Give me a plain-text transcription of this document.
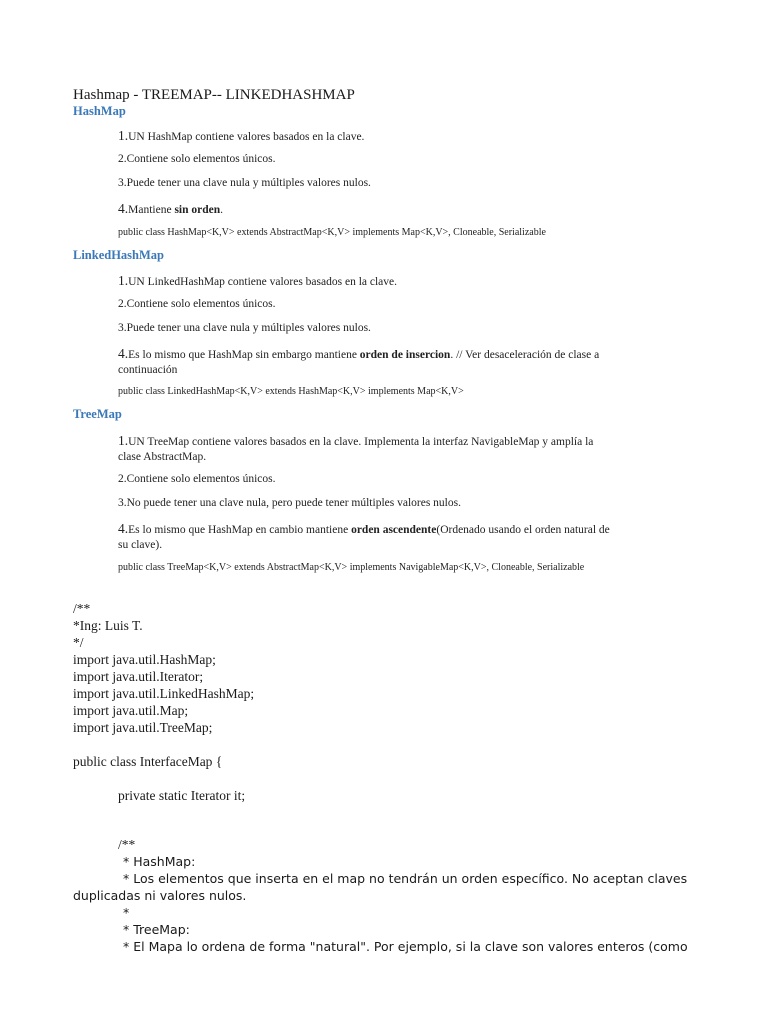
Hashmap - TREEMAP-- LINKEDHASHMAP
HashMap
1.UN HashMap contiene valores basados en la clave.
2.Contiene solo elementos únicos.
3.Puede tener una clave nula y múltiples valores nulos.
4.Mantiene sin orden.
public class HashMap<K,V> extends AbstractMap<K,V> implements Map<K,V>, Cloneable, Serializable
LinkedHashMap
1.UN LinkedHashMap contiene valores basados en la clave.
2.Contiene solo elementos únicos.
3.Puede tener una clave nula y múltiples valores nulos.
4.Es lo mismo que HashMap sin embargo mantiene orden de insercion. // Ver desaceleración de clase a
continuación
public class LinkedHashMap<K,V> extends HashMap<K,V> implements Map<K,V>
TreeMap
1.UN TreeMap contiene valores basados en la clave. Implementa la interfaz NavigableMap y amplía la
clase AbstractMap.
2.Contiene solo elementos únicos.
3.No puede tener una clave nula, pero puede tener múltiples valores nulos.
4.Es lo mismo que HashMap en cambio mantiene orden ascendente(Ordenado usando el orden natural de
su clave).
public class TreeMap<K,V> extends AbstractMap<K,V> implements NavigableMap<K,V>, Cloneable, Serializable
/**
*Ing: Luis T.
*/
import java.util.HashMap;
import java.util.Iterator;
import java.util.LinkedHashMap;
import java.util.Map;
import java.util.TreeMap;
public class InterfaceMap {
private static Iterator it;
/**
* HashMap:
* Los elementos que inserta en el map no tendrán un orden específico. No aceptan claves
duplicadas ni valores nulos.
*
* TreeMap:
* El Mapa lo ordena de forma "natural". Por ejemplo, si la clave son valores enteros (como
